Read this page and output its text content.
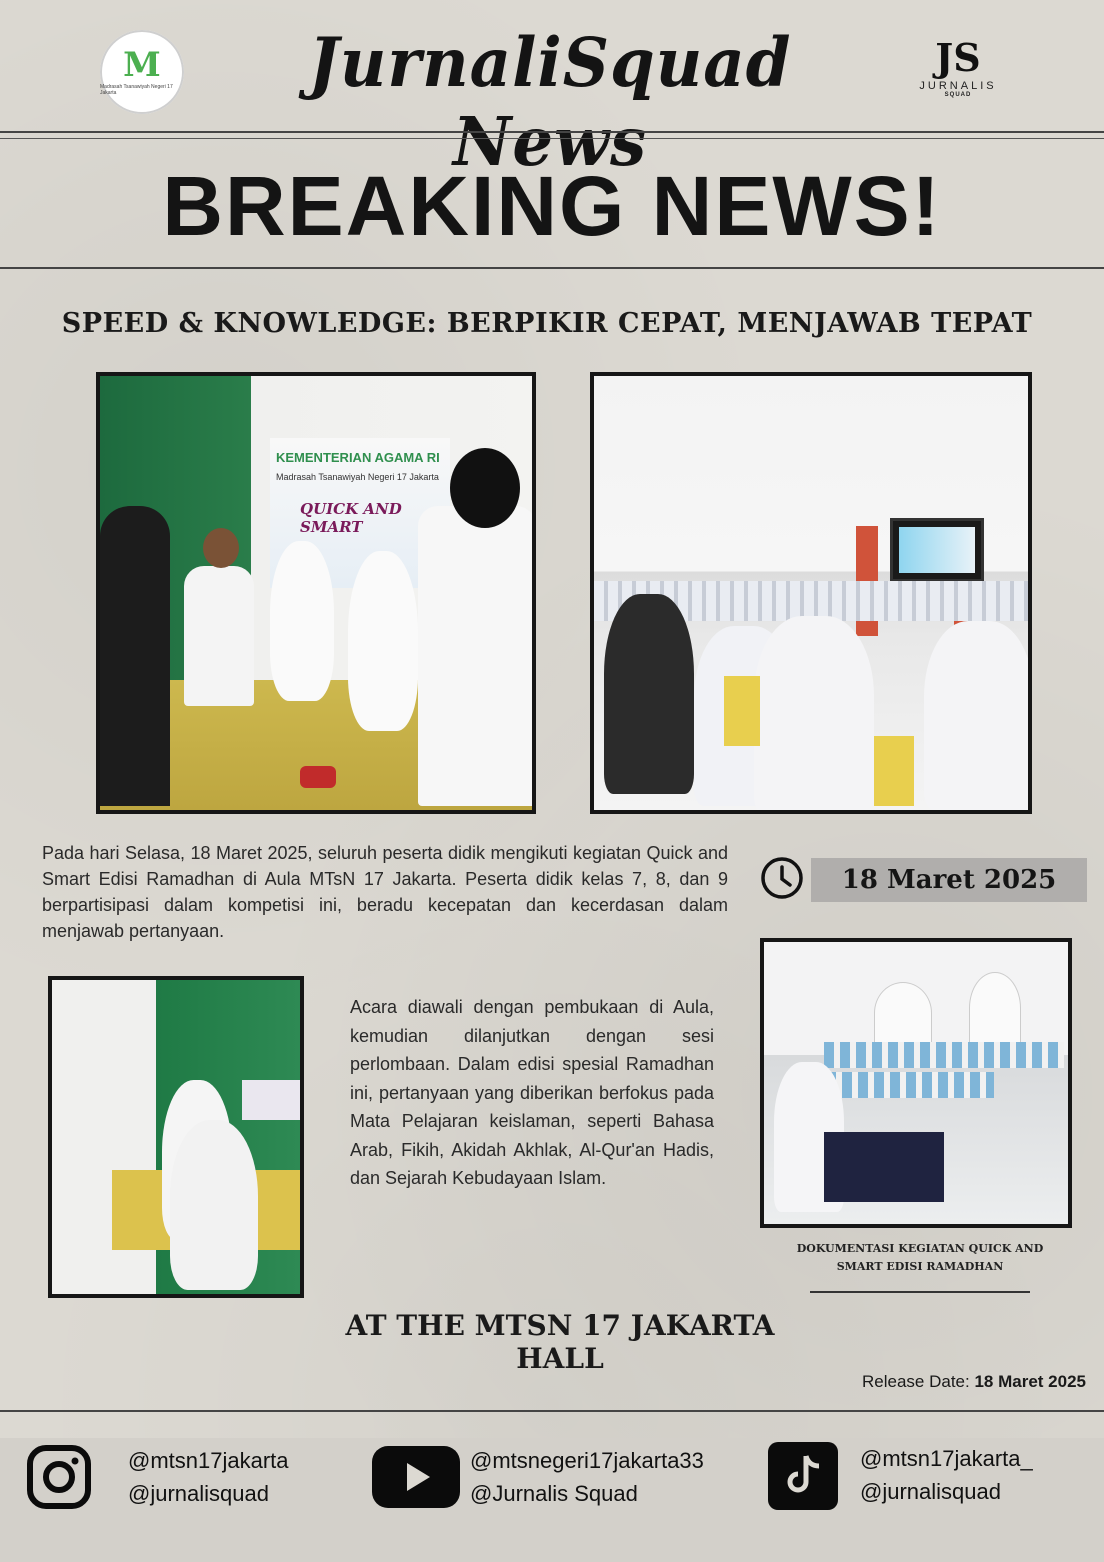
M
Madrasah Tsanawiyah Negeri 17 Jakarta	JurnaliSquad News
JS
JURNALIS
SQUAD
BREAKING NEWS!
SPEED & KNOWLEDGE: BERPIKIR CEPAT, MENJAWAB TEPAT
KEMENTERIAN AGAMA RI
Madrasah Tsanawiyah Negeri 17 Jakarta
QUICK AND SMART
Pada hari Selasa, 18 Maret 2025, seluruh peserta didik mengikuti kegiatan Quick and Smart Edisi Ramadhan di Aula MTsN 17 Jakarta. Peserta didik kelas 7, 8, dan 9 berpartisipasi dalam kompetisi ini, beradu kecepatan dan kecerdasan dalam menjawab pertanyaan.
18 Maret 2025
Acara diawali dengan pembukaan di Aula, kemudian dilanjutkan dengan sesi perlombaan. Dalam edisi spesial Ramadhan ini, pertanyaan yang diberikan berfokus pada Mata Pelajaran keislaman, seperti Bahasa Arab, Fikih, Akidah Akhlak, Al-Qur'an Hadis, dan Sejarah Kebudayaan Islam.
DOKUMENTASI KEGIATAN QUICK AND SMART EDISI RAMADHAN
AT THE MTSN 17 JAKARTA HALL
Release Date: 18 Maret 2025
@mtsn17jakarta
@jurnalisquad
@mtsnegeri17jakarta33
@Jurnalis Squad
@mtsn17jakarta_
@jurnalisquad
